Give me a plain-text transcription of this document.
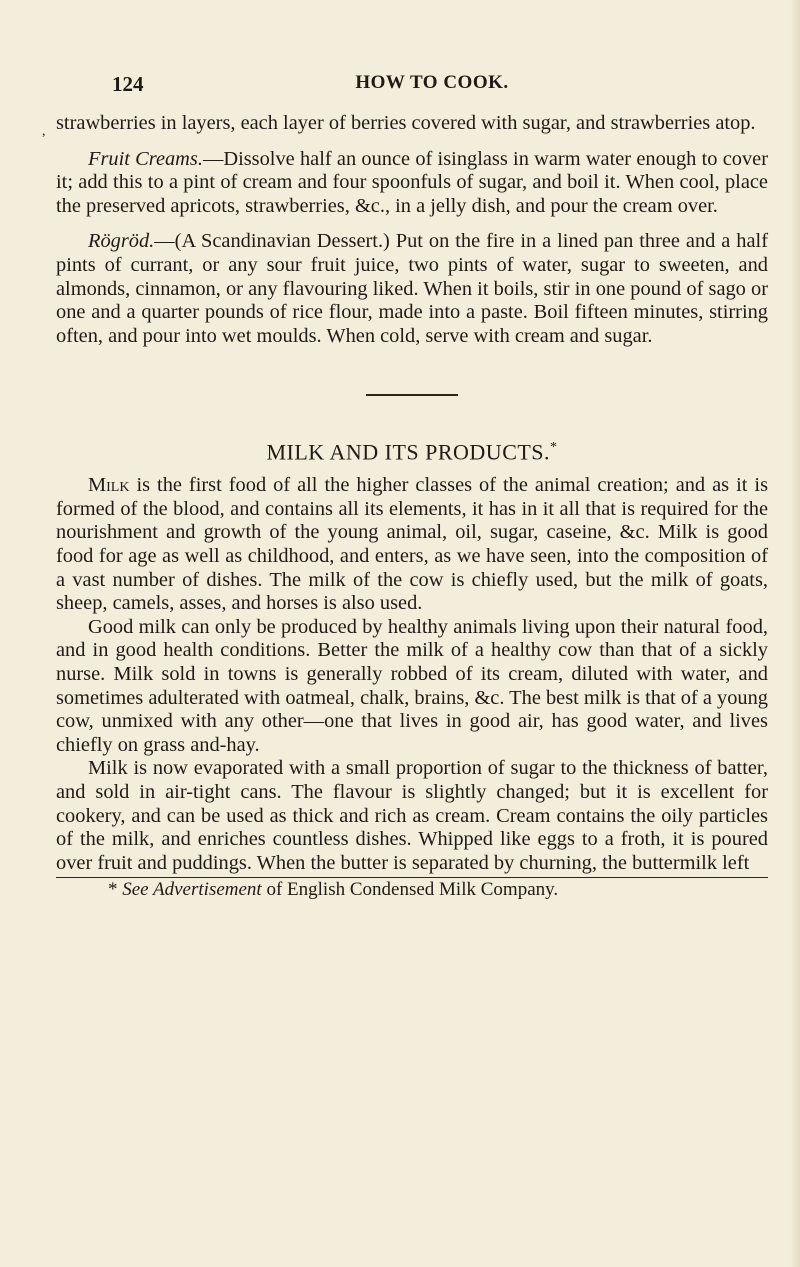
124	HOW TO COOK.
, strawberries in layers, each layer of berries covered with sugar, and strawberries atop.

Fruit Creams.—Dissolve half an ounce of isinglass in warm water enough to cover it; add this to a pint of cream and four spoonfuls of sugar, and boil it. When cool, place the preserved apricots, strawberries, &c., in a jelly dish, and pour the cream over.

Rögröd.—(A Scandinavian Dessert.) Put on the fire in a lined pan three and a half pints of currant, or any sour fruit juice, two pints of water, sugar to sweeten, and almonds, cinnamon, or any flavouring liked. When it boils, stir in one pound of sago or one and a quarter pounds of rice flour, made into a paste. Boil fifteen minutes, stirring often, and pour into wet moulds. When cold, serve with cream and sugar.

MILK AND ITS PRODUCTS.*

Milk is the first food of all the higher classes of the animal creation; and as it is formed of the blood, and contains all its elements, it has in it all that is required for the nourishment and growth of the young animal, oil, sugar, caseine, &c. Milk is good food for age as well as childhood, and enters, as we have seen, into the composition of a vast number of dishes. The milk of the cow is chiefly used, but the milk of goats, sheep, camels, asses, and horses is also used.

Good milk can only be produced by healthy animals living upon their natural food, and in good health conditions. Better the milk of a healthy cow than that of a sickly nurse. Milk sold in towns is generally robbed of its cream, diluted with water, and sometimes adulterated with oatmeal, chalk, brains, &c. The best milk is that of a young cow, unmixed with any other—one that lives in good air, has good water, and lives chiefly on grass and-hay.

Milk is now evaporated with a small proportion of sugar to the thickness of batter, and sold in air-tight cans. The flavour is slightly changed; but it is excellent for cookery, and can be used as thick and rich as cream. Cream contains the oily particles of the milk, and enriches countless dishes. Whipped like eggs to a froth, it is poured over fruit and puddings. When the butter is separated by churning, the buttermilk left

* See Advertisement of English Condensed Milk Company.
